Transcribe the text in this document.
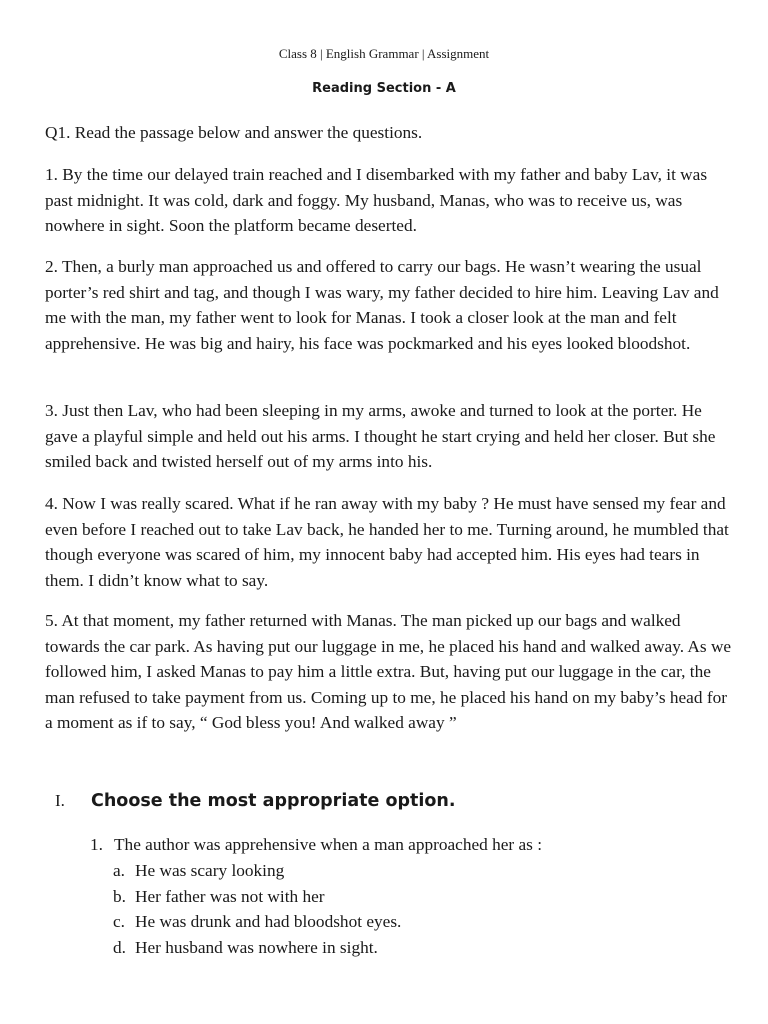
Class 8 | English Grammar | Assignment
Reading Section - A

Q1. Read the passage below and answer the questions.

1. By the time our delayed train reached and I disembarked with my father and baby Lav, it was past midnight. It was cold, dark and foggy. My husband, Manas, who was to receive us, was nowhere in sight. Soon the platform became deserted.

2. Then, a burly man approached us and offered to carry our bags. He wasn’t wearing the usual porter’s red shirt and tag, and though I was wary, my father decided to hire him. Leaving Lav and me with the man, my father went to look for Manas. I took a closer look at the man and felt apprehensive. He was big and hairy, his face was pockmarked and his eyes looked bloodshot.

3. Just then Lav, who had been sleeping in my arms, awoke and turned to look at the porter. He gave a playful simple and held out his arms. I thought he start crying and held her closer. But she smiled back and twisted herself out of my arms into his.

4. Now I was really scared. What if he ran away with my baby ? He must have sensed my fear and even before I reached out to take Lav back, he handed her to me. Turning around, he mumbled that though everyone was scared of him, my innocent baby had accepted him. His eyes had tears in them. I didn’t know what to say.

5. At that moment, my father returned with Manas. The man picked up our bags and walked towards the car park. As having put our luggage in me, he placed his hand and walked away. As we followed him, I asked Manas to pay him a little extra. But, having put our luggage in the car, the man refused to take payment from us. Coming up to me, he placed his hand on my baby’s head for a moment as if to say, “ God bless you! And walked away ”

I. Choose the most appropriate option.
1. The author was apprehensive when a man approached her as :
a. He was scary looking
b. Her father was not with her
c. He was drunk and had bloodshot eyes.
d. Her husband was nowhere in sight.
